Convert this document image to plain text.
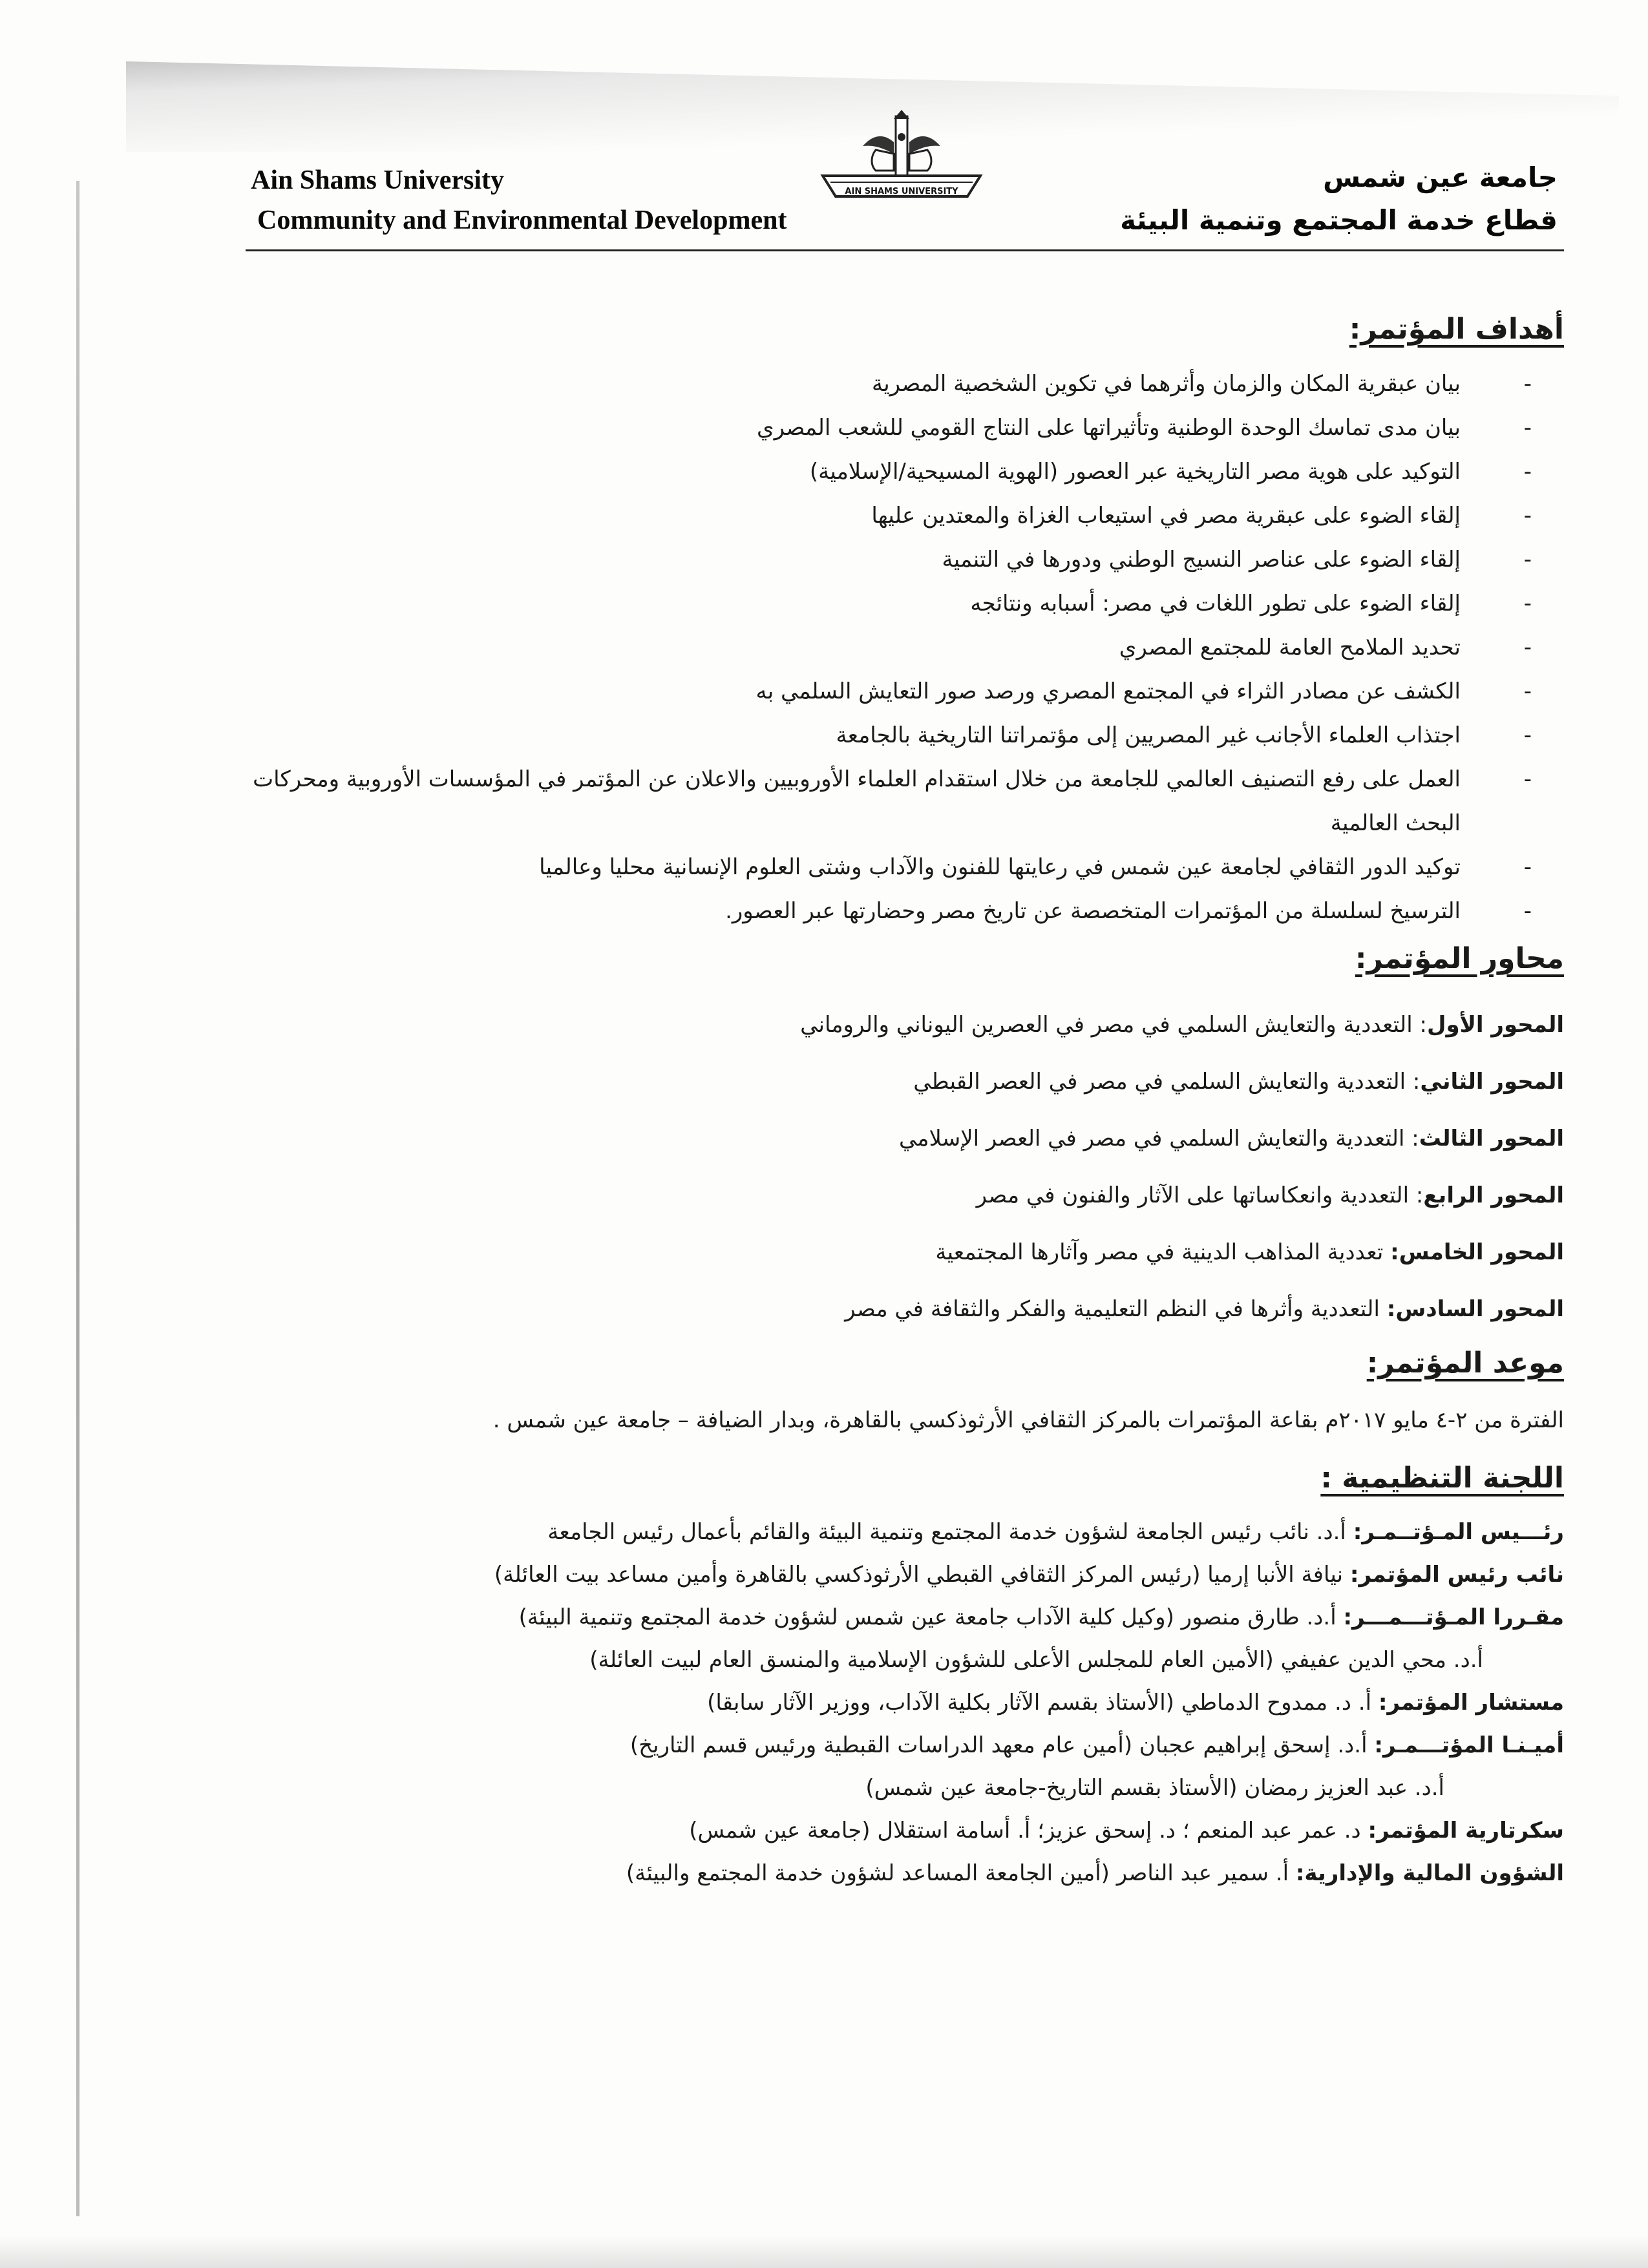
Ain Shams University
Community and Environmental Development
AIN SHAMS UNIVERSITY	جامعة عين شمس
قطاع خدمة المجتمع وتنمية البيئة
أهداف المؤتمر:
- بيان عبقرية المكان والزمان وأثرهما في تكوين الشخصية المصرية
- بيان مدى تماسك الوحدة الوطنية وتأثيراتها على النتاج القومي للشعب المصري
- التوكيد على هوية مصر التاريخية عبر العصور (الهوية المسيحية/الإسلامية)
- إلقاء الضوء على عبقرية مصر في استيعاب الغزاة والمعتدين عليها
- إلقاء الضوء على عناصر النسيج الوطني ودورها في التنمية
- إلقاء الضوء على تطور اللغات في مصر: أسبابه ونتائجه
- تحديد الملامح العامة للمجتمع المصري
- الكشف عن مصادر الثراء في المجتمع المصري ورصد صور التعايش السلمي به
- اجتذاب العلماء الأجانب غير المصريين إلى مؤتمراتنا التاريخية بالجامعة
- العمل على رفع التصنيف العالمي للجامعة من خلال استقدام العلماء الأوروبيين والاعلان عن المؤتمر في المؤسسات الأوروبية ومحركات البحث العالمية
- توكيد الدور الثقافي لجامعة عين شمس في رعايتها للفنون والآداب وشتى العلوم الإنسانية محليا وعالميا
- الترسيخ لسلسلة من المؤتمرات المتخصصة عن تاريخ مصر وحضارتها عبر العصور.
محاور المؤتمر:
المحور الأول: التعددية والتعايش السلمي في مصر في العصرين اليوناني والروماني
المحور الثاني: التعددية والتعايش السلمي في مصر في العصر القبطي
المحور الثالث: التعددية والتعايش السلمي في مصر في العصر الإسلامي
المحور الرابع: التعددية وانعكاساتها على الآثار والفنون في مصر
المحور الخامس: تعددية المذاهب الدينية في مصر وآثارها المجتمعية
المحور السادس: التعددية وأثرها في النظم التعليمية والفكر والثقافة في مصر
موعد المؤتمر:
الفترة من ٢-٤ مايو ٢٠١٧م بقاعة المؤتمرات بالمركز الثقافي الأرثوذكسي بالقاهرة، وبدار الضيافة – جامعة عين شمس .
اللجنة التنظيمية :
رئـــيس المـؤتــمـر: أ.د. نائب رئيس الجامعة لشؤون خدمة المجتمع وتنمية البيئة والقائم بأعمال رئيس الجامعة
نائب رئيس المؤتمر: نيافة الأنبا إرميا (رئيس المركز الثقافي القبطي الأرثوذكسي بالقاهرة وأمين مساعد بيت العائلة)
مقـررا المـؤتـــمـــر: أ.د. طارق منصور (وكيل كلية الآداب جامعة عين شمس لشؤون خدمة المجتمع وتنمية البيئة)
أ.د. محي الدين عفيفي (الأمين العام للمجلس الأعلى للشؤون الإسلامية والمنسق العام لبيت العائلة)
مستشار المؤتمر: أ. د. ممدوح الدماطي (الأستاذ بقسم الآثار بكلية الآداب، ووزير الآثار سابقا)
أميـنـا المؤتـــمـر: أ.د. إسحق إبراهيم عجبان (أمين عام معهد الدراسات القبطية ورئيس قسم التاريخ)
أ.د. عبد العزيز رمضان (الأستاذ بقسم التاريخ-جامعة عين شمس)
سكرتارية المؤتمر: د. عمر عبد المنعم ؛ د. إسحق عزيز؛ أ. أسامة استقلال (جامعة عين شمس)
الشؤون المالية والإدارية: أ. سمير عبد الناصر (أمين الجامعة المساعد لشؤون خدمة المجتمع والبيئة)
